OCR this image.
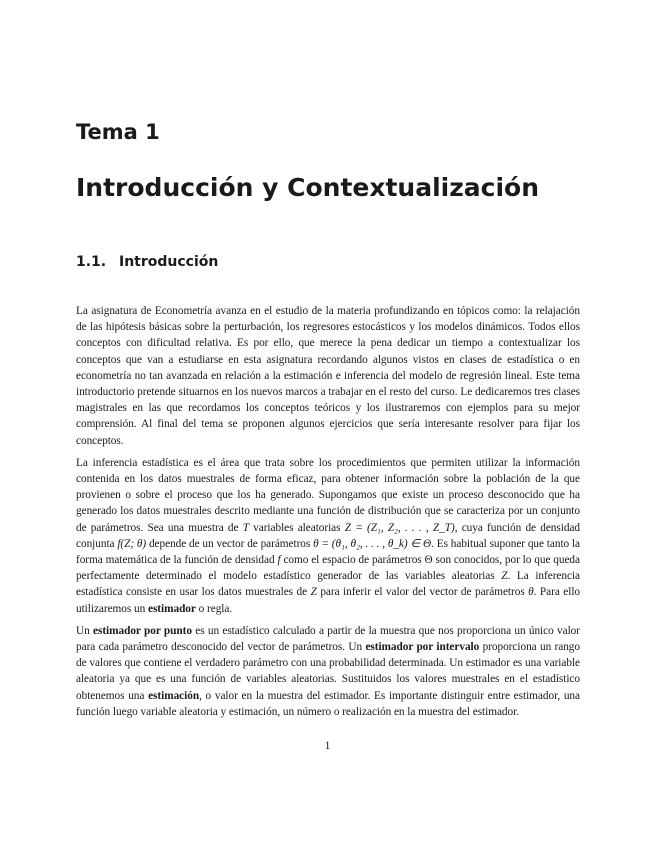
Tema 1
Introducción y Contextualización
1.1. Introducción

La asignatura de Econometría avanza en el estudio de la materia profundizando en tópicos como: la relajación de las hipótesis básicas sobre la perturbación, los regresores estocásticos y los modelos dinámicos. Todos ellos conceptos con dificultad relativa. Es por ello, que merece la pena dedicar un tiempo a contextualizar los conceptos que van a estudiarse en esta asignatura recordando algunos vistos en clases de estadística o en econometría no tan avanzada en relación a la estimación e inferencia del modelo de regresión lineal. Este tema introductorio pretende situarnos en los nuevos marcos a trabajar en el resto del curso. Le dedicaremos tres clases magistrales en las que recordamos los conceptos teóricos y los ilustraremos con ejemplos para su mejor comprensión. Al final del tema se proponen algunos ejercicios que sería interesante resolver para fijar los conceptos.

La inferencia estadística es el área que trata sobre los procedimientos que permiten utilizar la información contenida en los datos muestrales de forma eficaz, para obtener información sobre la población de la que provienen o sobre el proceso que los ha generado. Supongamos que existe un proceso desconocido que ha generado los datos muestrales descrito mediante una función de distribución que se caracteriza por un conjunto de parámetros. Sea una muestra de T variables aleatorias Z = (Z₁, Z₂, . . . , Z_T), cuya función de densidad conjunta f(Z; θ) depende de un vector de parámetros θ = (θ₁, θ₂, . . . , θ_k) ∈ Θ. Es habitual suponer que tanto la forma matemática de la función de densidad f como el espacio de parámetros Θ son conocidos, por lo que queda perfectamente determinado el modelo estadístico generador de las variables aleatorias Z. La inferencia estadística consiste en usar los datos muestrales de Z para inferir el valor del vector de parámetros θ. Para ello utilizaremos un estimador o regla.

Un estimador por punto es un estadístico calculado a partir de la muestra que nos proporciona un único valor para cada parámetro desconocido del vector de parámetros. Un estimador por intervalo proporciona un rango de valores que contiene el verdadero parámetro con una probabilidad determinada. Un estimador es una variable aleatoria ya que es una función de variables aleatorias. Sustituidos los valores muestrales en el estadístico obtenemos una estimación, o valor en la muestra del estimador. Es importante distinguir entre estimador, una función luego variable aleatoria y estimación, un número o realización en la muestra del estimador.

1
